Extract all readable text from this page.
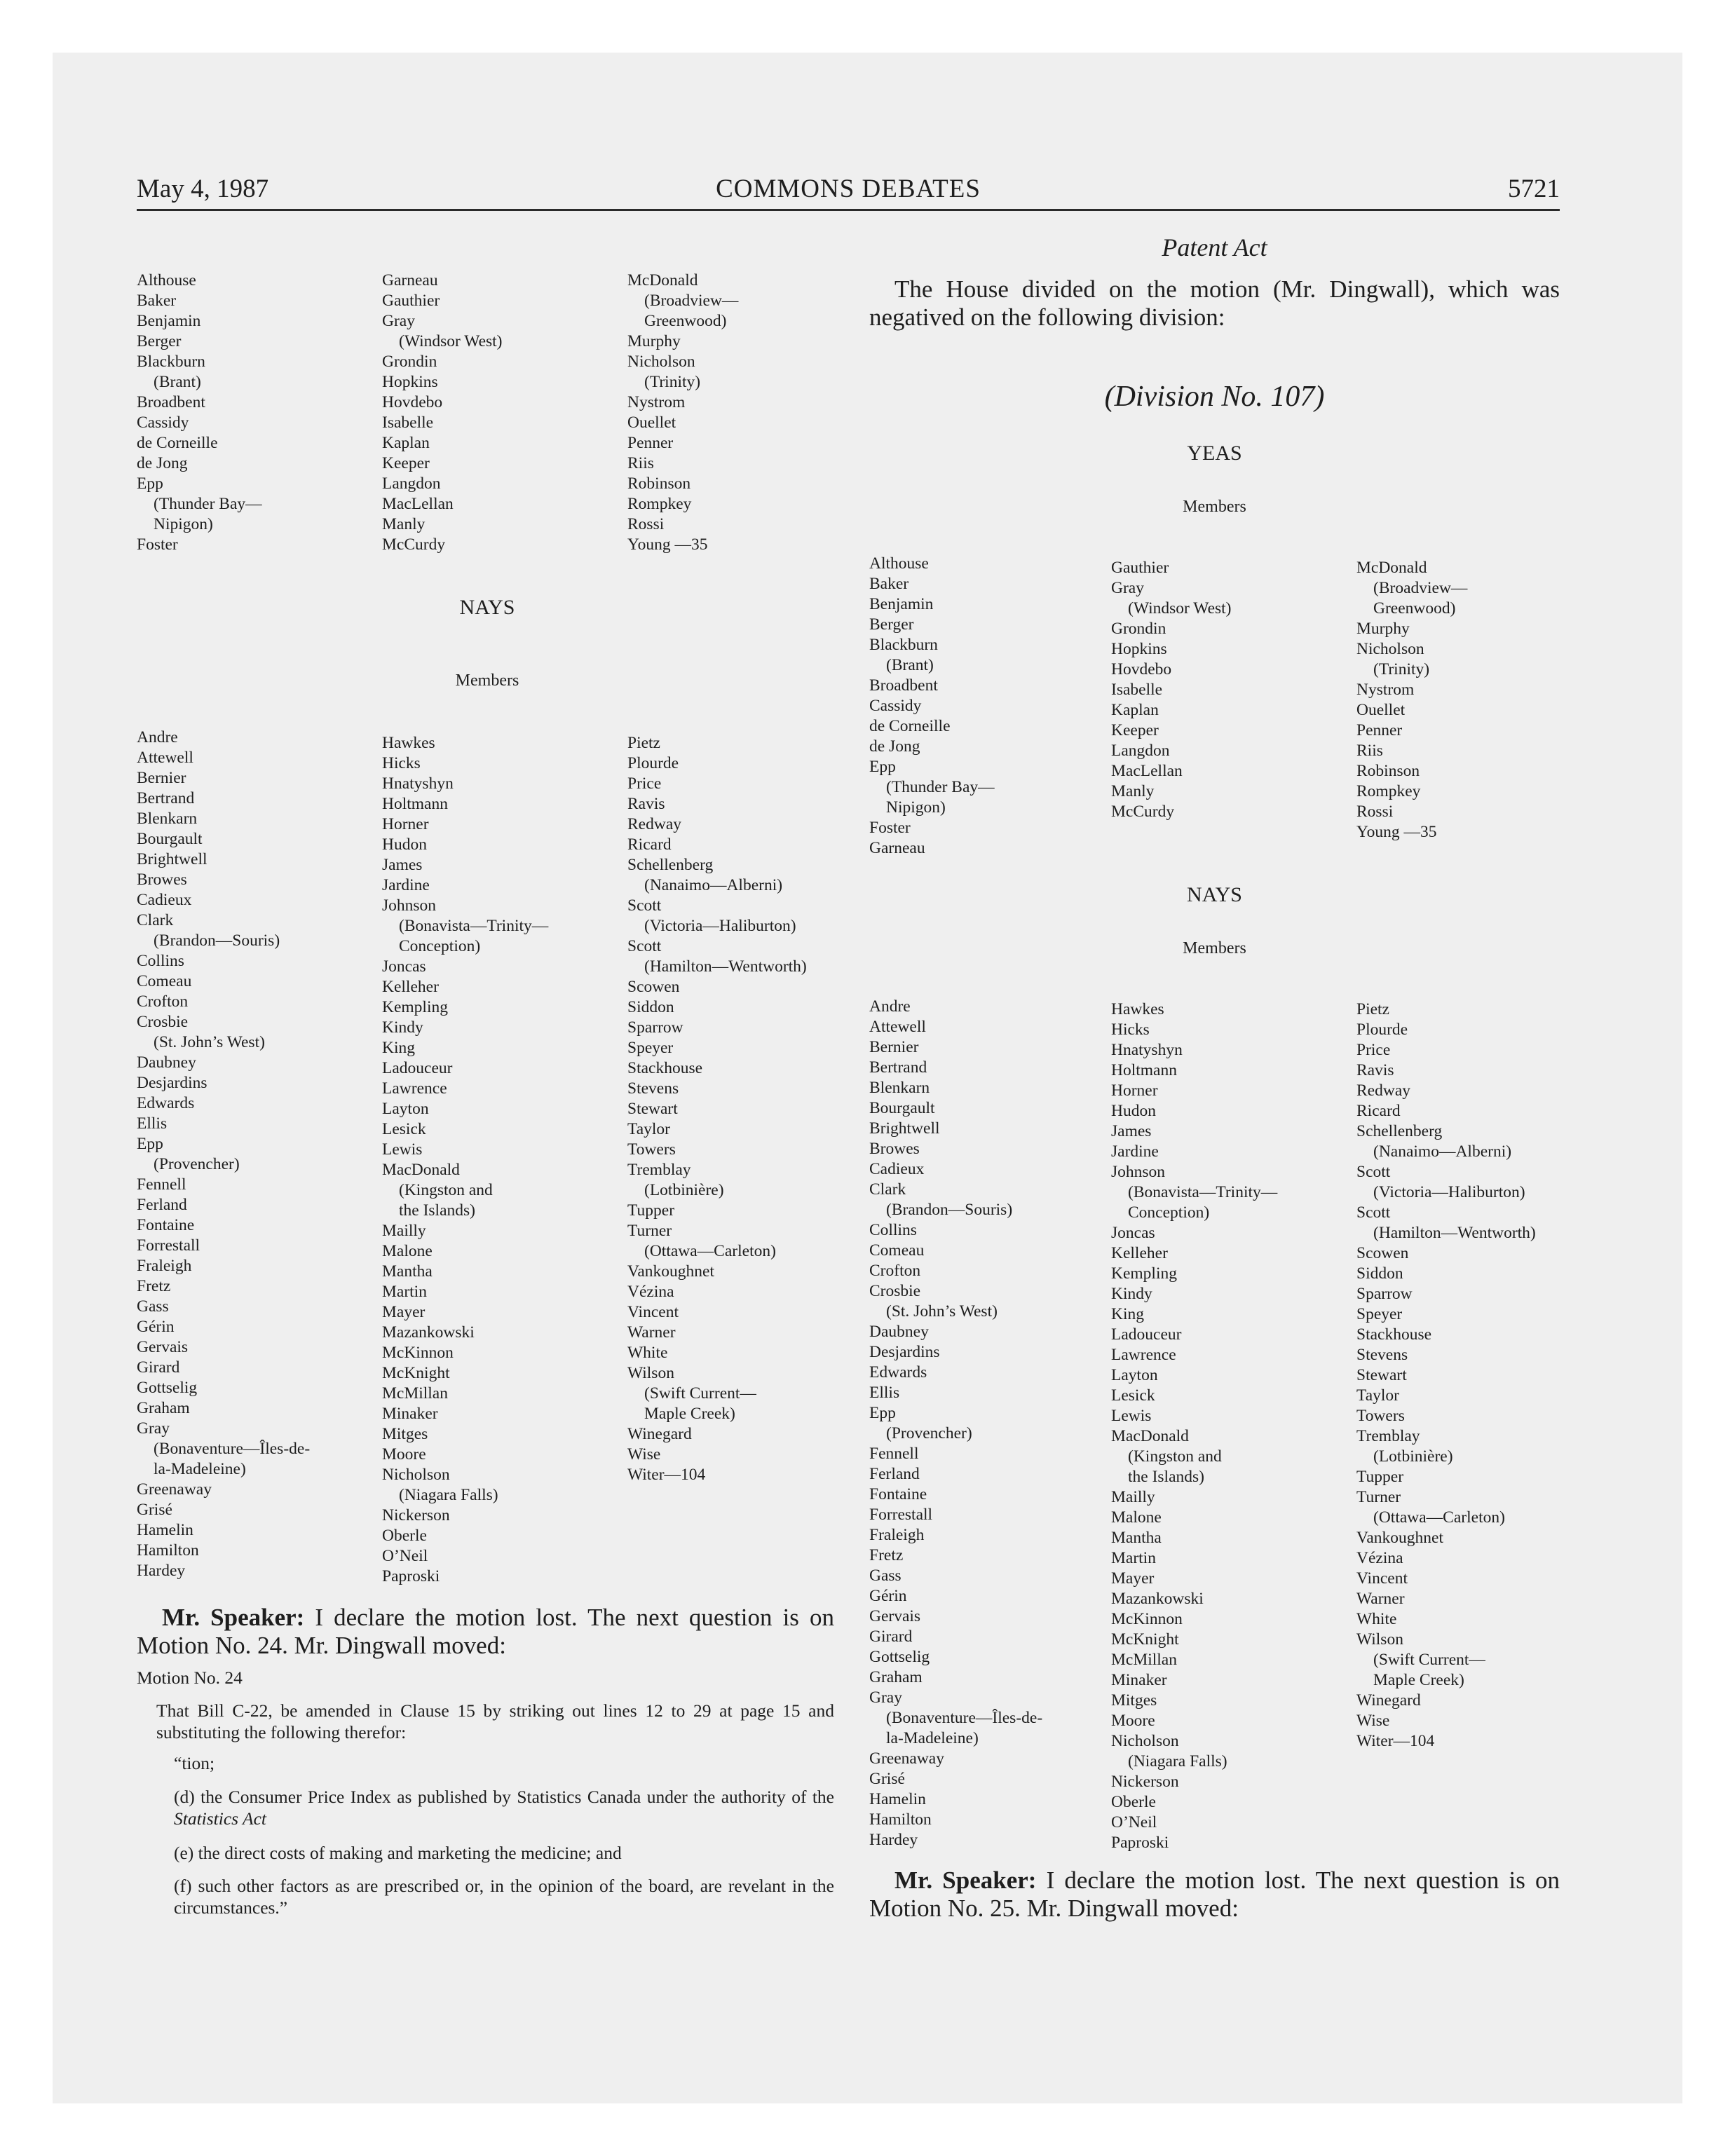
May 4, 1987	COMMONS DEBATES	5721
Althouse
Baker
Benjamin
Berger
Blackburn
(Brant)
Broadbent
Cassidy
de Corneille
de Jong
Epp
(Thunder Bay—
Nipigon)
Foster
Garneau
Gauthier
Gray
(Windsor West)
Grondin
Hopkins
Hovdebo
Isabelle
Kaplan
Keeper
Langdon
MacLellan
Manly
McCurdy
McDonald
(Broadview—
Greenwood)
Murphy
Nicholson
(Trinity)
Nystrom
Ouellet
Penner
Riis
Robinson
Rompkey
Rossi
Young —35
NAYS
Members
Andre
Attewell
Bernier
Bertrand
Blenkarn
Bourgault
Brightwell
Browes
Cadieux
Clark
(Brandon—Souris)
Collins
Comeau
Crofton
Crosbie
(St. John’s West)
Daubney
Desjardins
Edwards
Ellis
Epp
(Provencher)
Fennell
Ferland
Fontaine
Forrestall
Fraleigh
Fretz
Gass
Gérin
Gervais
Girard
Gottselig
Graham
Gray
(Bonaventure—Îles-de-
la-Madeleine)
Greenaway
Grisé
Hamelin
Hamilton
Hardey
Hawkes
Hicks
Hnatyshyn
Holtmann
Horner
Hudon
James
Jardine
Johnson
(Bonavista—Trinity—
Conception)
Joncas
Kelleher
Kempling
Kindy
King
Ladouceur
Lawrence
Layton
Lesick
Lewis
MacDonald
(Kingston and
the Islands)
Mailly
Malone
Mantha
Martin
Mayer
Mazankowski
McKinnon
McKnight
McMillan
Minaker
Mitges
Moore
Nicholson
(Niagara Falls)
Nickerson
Oberle
O’Neil
Paproski
Pietz
Plourde
Price
Ravis
Redway
Ricard
Schellenberg
(Nanaimo—Alberni)
Scott
(Victoria—Haliburton)
Scott
(Hamilton—Wentworth)
Scowen
Siddon
Sparrow
Speyer
Stackhouse
Stevens
Stewart
Taylor
Towers
Tremblay
(Lotbinière)
Tupper
Turner
(Ottawa—Carleton)
Vankoughnet
Vézina
Vincent
Warner
White
Wilson
(Swift Current—
Maple Creek)
Winegard
Wise
Witer—104
Mr. Speaker: I declare the motion lost. The next question is on Motion No. 24. Mr. Dingwall moved:
Motion No. 24
That Bill C-22, be amended in Clause 15 by striking out lines 12 to 29 at page 15 and substituting the following therefor:
“tion;
(d) the Consumer Price Index as published by Statistics Canada under the authority of the Statistics Act
(e) the direct costs of making and marketing the medicine; and
(f) such other factors as are prescribed or, in the opinion of the board, are revelant in the circumstances.”
Patent Act
The House divided on the motion (Mr. Dingwall), which was negatived on the following division:
(Division No. 107)
YEAS
Members
Althouse
Baker
Benjamin
Berger
Blackburn
(Brant)
Broadbent
Cassidy
de Corneille
de Jong
Epp
(Thunder Bay—
Nipigon)
Foster
Garneau
Gauthier
Gray
(Windsor West)
Grondin
Hopkins
Hovdebo
Isabelle
Kaplan
Keeper
Langdon
MacLellan
Manly
McCurdy
McDonald
(Broadview—
Greenwood)
Murphy
Nicholson
(Trinity)
Nystrom
Ouellet
Penner
Riis
Robinson
Rompkey
Rossi
Young —35
NAYS
Members
Andre
Attewell
Bernier
Bertrand
Blenkarn
Bourgault
Brightwell
Browes
Cadieux
Clark
(Brandon—Souris)
Collins
Comeau
Crofton
Crosbie
(St. John’s West)
Daubney
Desjardins
Edwards
Ellis
Epp
(Provencher)
Fennell
Ferland
Fontaine
Forrestall
Fraleigh
Fretz
Gass
Gérin
Gervais
Girard
Gottselig
Graham
Gray
(Bonaventure—Îles-de-
la-Madeleine)
Greenaway
Grisé
Hamelin
Hamilton
Hardey
Hawkes
Hicks
Hnatyshyn
Holtmann
Horner
Hudon
James
Jardine
Johnson
(Bonavista—Trinity—
Conception)
Joncas
Kelleher
Kempling
Kindy
King
Ladouceur
Lawrence
Layton
Lesick
Lewis
MacDonald
(Kingston and
the Islands)
Mailly
Malone
Mantha
Martin
Mayer
Mazankowski
McKinnon
McKnight
McMillan
Minaker
Mitges
Moore
Nicholson
(Niagara Falls)
Nickerson
Oberle
O’Neil
Paproski
Pietz
Plourde
Price
Ravis
Redway
Ricard
Schellenberg
(Nanaimo—Alberni)
Scott
(Victoria—Haliburton)
Scott
(Hamilton—Wentworth)
Scowen
Siddon
Sparrow
Speyer
Stackhouse
Stevens
Stewart
Taylor
Towers
Tremblay
(Lotbinière)
Tupper
Turner
(Ottawa—Carleton)
Vankoughnet
Vézina
Vincent
Warner
White
Wilson
(Swift Current—
Maple Creek)
Winegard
Wise
Witer—104
Mr. Speaker: I declare the motion lost. The next question is on Motion No. 25. Mr. Dingwall moved:
